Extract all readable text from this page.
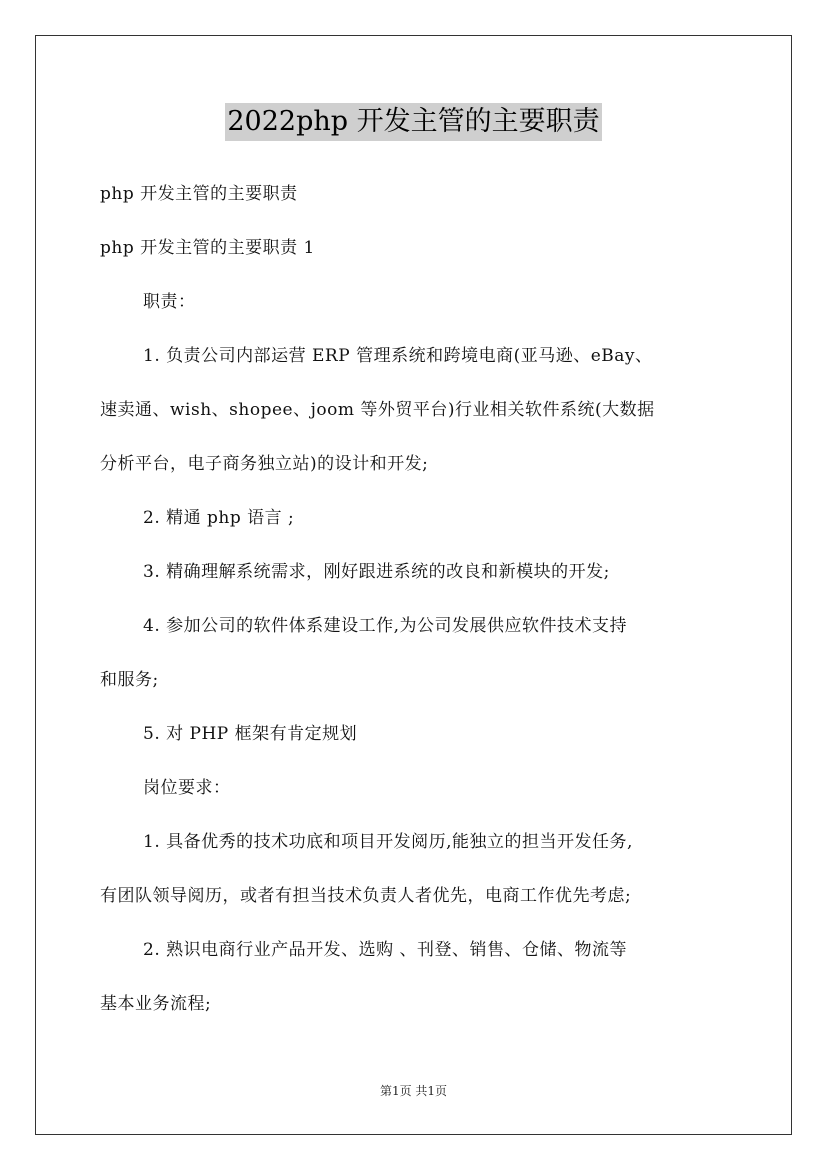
2022php 开发主管的主要职责
php 开发主管的主要职责
php 开发主管的主要职责 1
职责：
1. 负责公司内部运营 ERP 管理系统和跨境电商(亚马逊、eBay、
速卖通、wish、shopee、joom 等外贸平台)行业相关软件系统(大数据
分析平台，电子商务独立站)的设计和开发;
2. 精通 php 语言 ;
3. 精确理解系统需求，刚好跟进系统的改良和新模块的开发;
4. 参加公司的软件体系建设工作,为公司发展供应软件技术支持
和服务;
5. 对 PHP 框架有肯定规划
岗位要求：
1. 具备优秀的技术功底和项目开发阅历,能独立的担当开发任务,
有团队领导阅历，或者有担当技术负责人者优先，电商工作优先考虑;
2. 熟识电商行业产品开发、选购 、刊登、销售、仓储、物流等
基本业务流程;
第1页 共1页
